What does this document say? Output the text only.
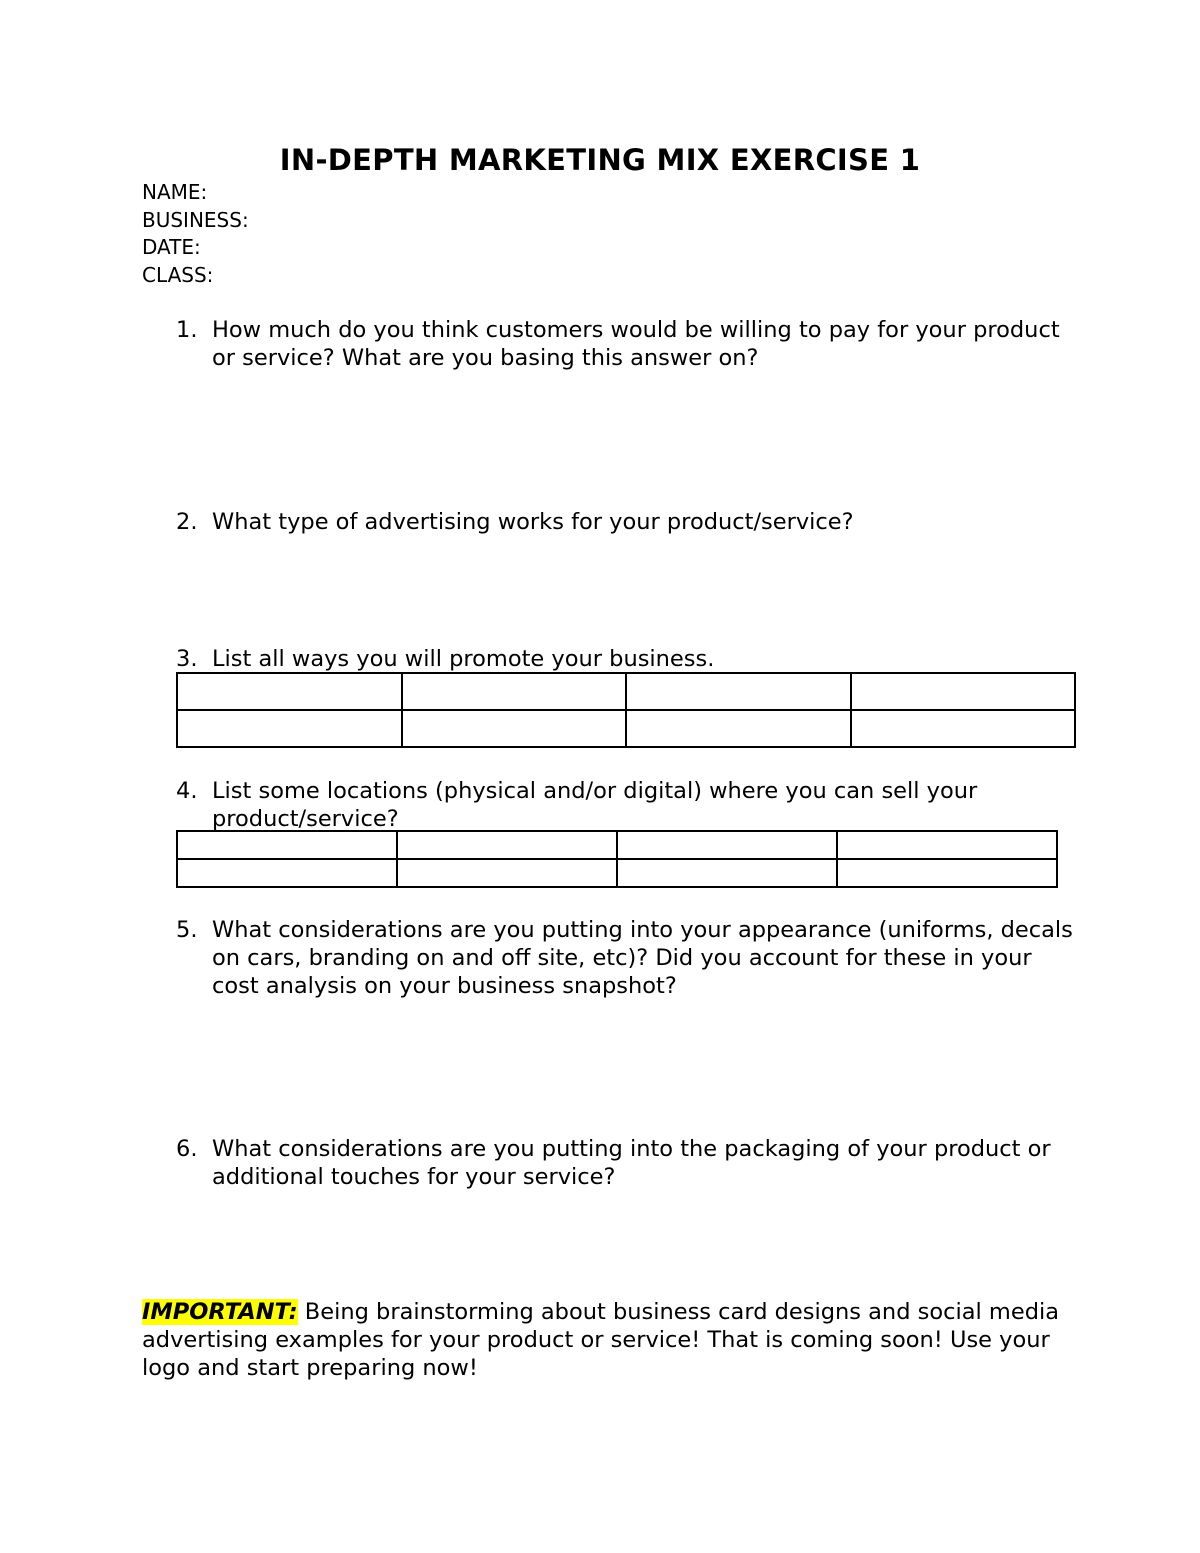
IN-DEPTH MARKETING MIX EXERCISE 1
NAME:
BUSINESS:
DATE:
CLASS:
1. How much do you think customers would be willing to pay for your product or service? What are you basing this answer on?
2. What type of advertising works for your product/service?
3. List all ways you will promote your business.

4. List some locations (physical and/or digital) where you can sell your product/service?

5. What considerations are you putting into your appearance (uniforms, decals on cars, branding on and off site, etc)? Did you account for these in your cost analysis on your business snapshot?
6. What considerations are you putting into the packaging of your product or additional touches for your service?
IMPORTANT: Being brainstorming about business card designs and social media advertising examples for your product or service! That is coming soon! Use your logo and start preparing now!
